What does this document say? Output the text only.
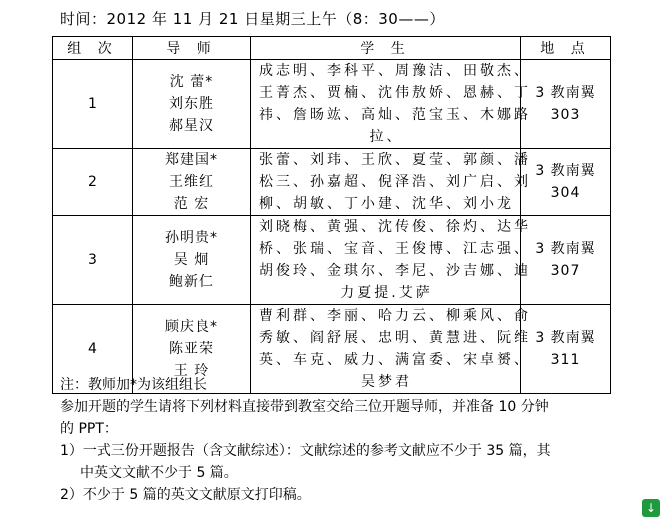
时间：2012 年 11 月 21 日星期三上午（8：30——）
组 次	导 师	学 生	地 点
1	沈 蕾*
刘东胜
郝星汉	成志明、李科平、周豫洁、田敬杰、
王菁杰、贾楠、沈伟敖娇、恩赫、丁
祎、詹旸竑、高灿、范宝玉、木娜路
拉、	3 教南翼
303

2	郑建国*
王维红
范 宏	张蕾、刘玮、王欣、夏莹、郭颜、潘
松三、孙嘉超、倪泽浩、刘广启、刘
柳、胡敏、丁小建、沈华、刘小龙	3 教南翼
304

3	孙明贵*
吴 炯
鲍新仁	刘晓梅、黄强、沈传俊、徐灼、达华
桥、张瑞、宝音、王俊博、江志强、
胡俊玲、金琪尔、李尼、沙吉娜、迪
力夏提.艾萨	3 教南翼
307

4	顾庆良*
陈亚荣
王 玲	曹利群、李丽、哈力云、柳乘风、俞
秀敏、阎舒展、忠明、黄慧进、阮维
英、车克、威力、满富委、宋卓赟、
吴梦君	3 教南翼
311
注：教师加*为该组组长
参加开题的学生请将下列材料直接带到教室交给三位开题导师，并准备 10 分钟
的 PPT：
1）一式三份开题报告（含文献综述）：文献综述的参考文献应不少于 35 篇，其
中英文文献不少于 5 篇。
2）不少于 5 篇的英文文献原文打印稿。
↓
